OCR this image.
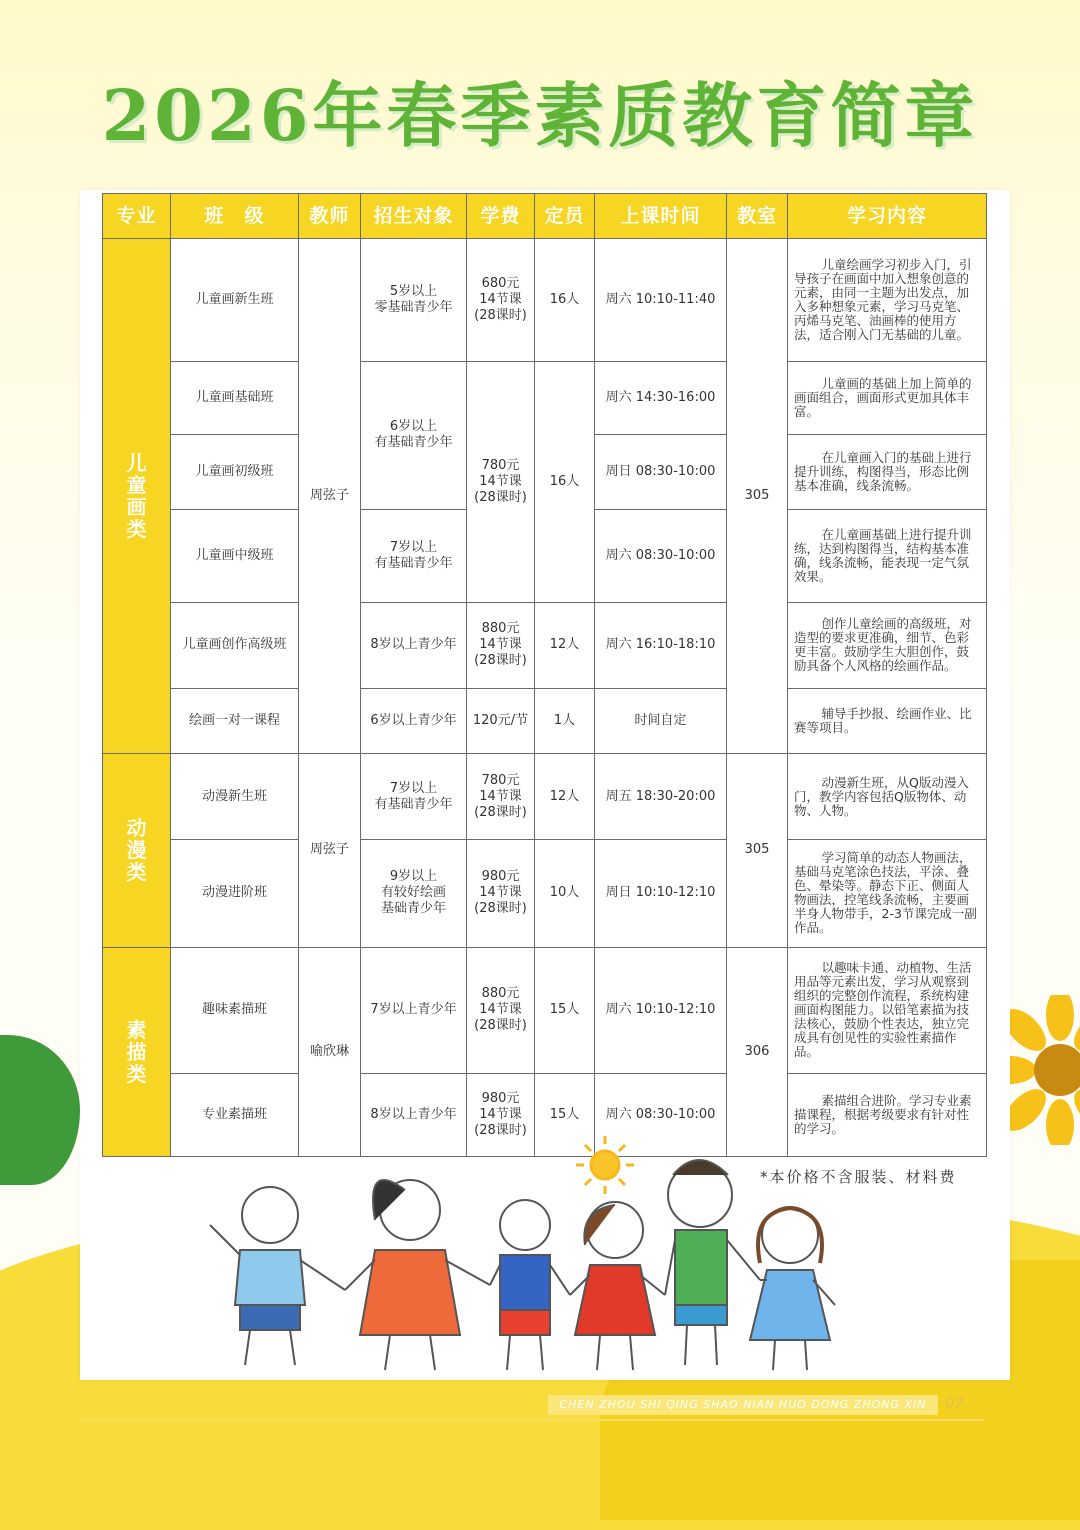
2026年春季素质教育简章
专业	班　级	教师	招生对象	学费	定员	上课时间	教室	学习内容
儿童画类	儿童画新生班	周弦子	5岁以上
零基础青少年	680元
14节课
(28课时)	16人	周六 10:10-11:40	305	儿童绘画学习初步入门，引导孩子在画面中加入想象创意的元素，由同一主题为出发点，加入多种想象元素，学习马克笔、丙烯马克笔、油画棒的使用方法，适合刚入门无基础的儿童。

	儿童画基础班		6岁以上
有基础青少年	780元
14节课
(28课时)	16人	周六 14:30-16:00		儿童画的基础上加上简单的画面组合，画面形式更加具体丰富。

	儿童画初级班					周日 08:30-10:00		在儿童画入门的基础上进行提升训练，构图得当，形态比例基本准确，线条流畅。

	儿童画中级班		7岁以上
有基础青少年			周六 08:30-10:00		在儿童画基础上进行提升训练，达到构图得当，结构基本准确，线条流畅，能表现一定气氛效果。

	儿童画创作高级班		8岁以上青少年	880元
14节课
(28课时)	12人	周六 16:10-18:10		创作儿童绘画的高级班，对造型的要求更准确，细节、色彩更丰富。鼓励学生大胆创作，鼓励具备个人风格的绘画作品。

	绘画一对一课程		6岁以上青少年	120元/节	1人	时间自定		辅导手抄报、绘画作业、比赛等项目。

动漫类	动漫新生班	周弦子	7岁以上
有基础青少年	780元
14节课
(28课时)	12人	周五 18:30-20:00	305	动漫新生班，从Q版动漫入门，教学内容包括Q版物体、动物、人物。

	动漫进阶班		9岁以上
有较好绘画
基础青少年	980元
14节课
(28课时)	10人	周日 10:10-12:10		学习简单的动态人物画法，基础马克笔涂色技法，平涂、叠色、晕染等。静态下正、侧面人物画法，控笔线条流畅，主要画半身人物带手，2-3节课完成一副作品。

素描类	趣味素描班	喻欣琳	7岁以上青少年	880元
14节课
(28课时)	15人	周六 10:10-12:10	306	以趣味卡通、动植物、生活用品等元素出发，学习从观察到组织的完整创作流程，系统构建画面构图能力。以铅笔素描为技法核心，鼓励个性表达，独立完成具有创见性的实验性素描作品。

	专业素描班		8岁以上青少年	980元
14节课
(28课时)	15人	周六 08:30-10:00		素描组合进阶。学习专业素描课程，根据考级要求有针对性的学习。
*本价格不含服装、材料费
CHEN ZHOU SHI QING SHAO NIAN HUO DONG ZHONG XIN	07
